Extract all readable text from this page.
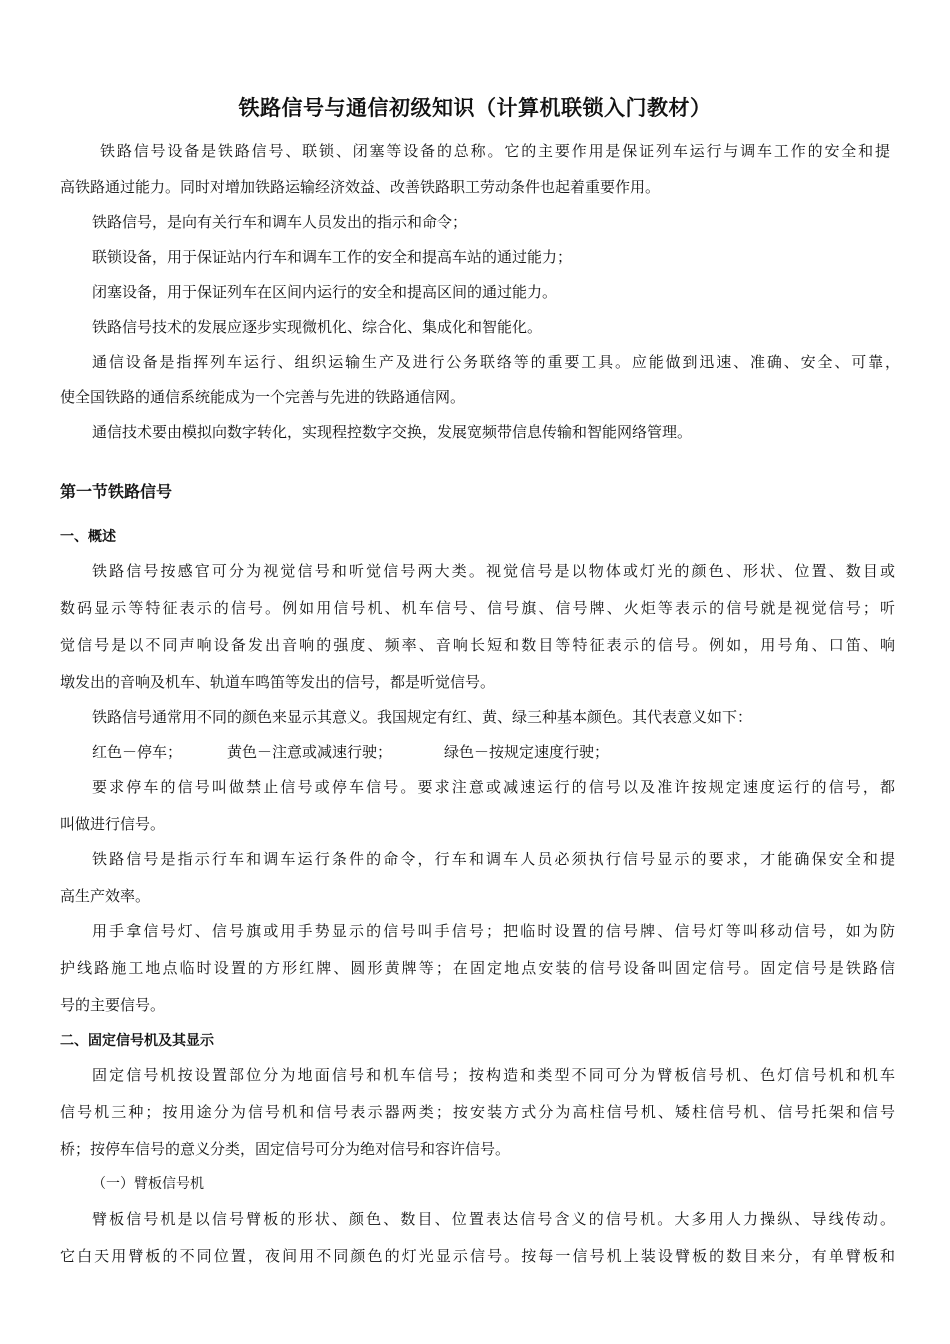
铁路信号与通信初级知识（计算机联锁入门教材）
铁路信号设备是铁路信号、联锁、闭塞等设备的总称。它的主要作用是保证列车运行与调车工作的安全和提
高铁路通过能力。同时对增加铁路运输经济效益、改善铁路职工劳动条件也起着重要作用。
铁路信号，是向有关行车和调车人员发出的指示和命令；
联锁设备，用于保证站内行车和调车工作的安全和提高车站的通过能力；
闭塞设备，用于保证列车在区间内运行的安全和提高区间的通过能力。
铁路信号技术的发展应逐步实现微机化、综合化、集成化和智能化。
通信设备是指挥列车运行、组织运输生产及进行公务联络等的重要工具。应能做到迅速、准确、安全、可靠，
使全国铁路的通信系统能成为一个完善与先进的铁路通信网。
通信技术要由模拟向数字转化，实现程控数字交换，发展宽频带信息传输和智能网络管理。
第一节铁路信号
一、概述
铁路信号按感官可分为视觉信号和听觉信号两大类。视觉信号是以物体或灯光的颜色、形状、位置、数目或
数码显示等特征表示的信号。例如用信号机、机车信号、信号旗、信号牌、火炬等表示的信号就是视觉信号；听
觉信号是以不同声响设备发出音响的强度、频率、音响长短和数目等特征表示的信号。例如，用号角、口笛、响
墩发出的音响及机车、轨道车鸣笛等发出的信号，都是听觉信号。
铁路信号通常用不同的颜色来显示其意义。我国规定有红、黄、绿三种基本颜色。其代表意义如下：
红色－停车；	黄色－注意或减速行驶；	绿色－按规定速度行驶；
要求停车的信号叫做禁止信号或停车信号。要求注意或减速运行的信号以及准许按规定速度运行的信号，都
叫做进行信号。
铁路信号是指示行车和调车运行条件的命令，行车和调车人员必须执行信号显示的要求，才能确保安全和提
高生产效率。
用手拿信号灯、信号旗或用手势显示的信号叫手信号；把临时设置的信号牌、信号灯等叫移动信号，如为防
护线路施工地点临时设置的方形红牌、圆形黄牌等；在固定地点安装的信号设备叫固定信号。固定信号是铁路信
号的主要信号。
二、固定信号机及其显示
固定信号机按设置部位分为地面信号和机车信号；按构造和类型不同可分为臂板信号机、色灯信号机和机车
信号机三种；按用途分为信号机和信号表示器两类；按安装方式分为高柱信号机、矮柱信号机、信号托架和信号
桥；按停车信号的意义分类，固定信号可分为绝对信号和容许信号。
（一）臂板信号机
臂板信号机是以信号臂板的形状、颜色、数目、位置表达信号含义的信号机。大多用人力操纵、导线传动。
它白天用臂板的不同位置，夜间用不同颜色的灯光显示信号。按每一信号机上装设臂板的数目来分，有单臂板和
